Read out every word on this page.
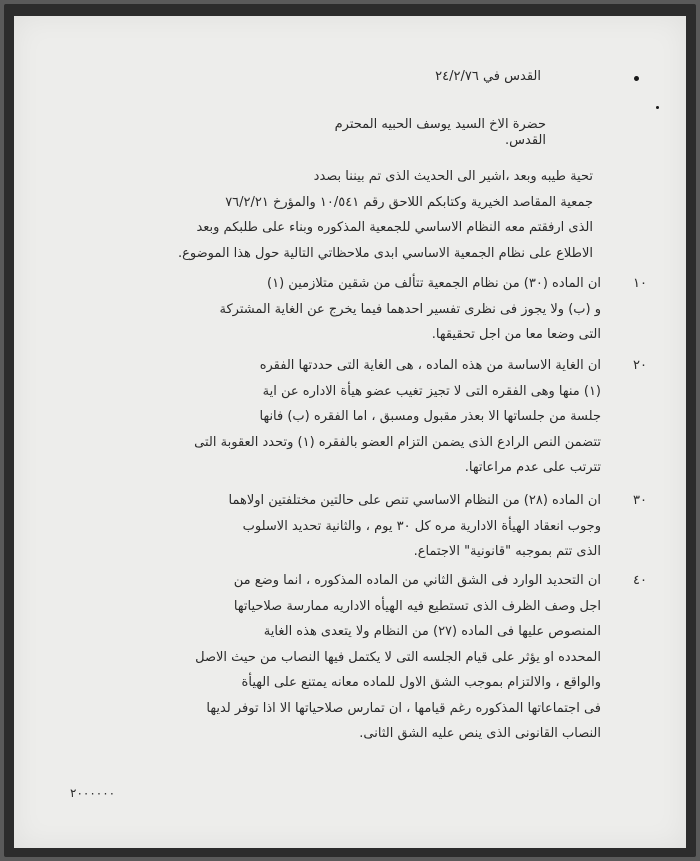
القدس في ٢٤/٢/٧٦
حضرة الاخ السيد يوسف الحبيه المحترم
القدس.

تحية طيبه وبعد ،اشير الى الحديث الذى تم بيننا بصدد

جمعية المقاصد الخيرية وكتابكم اللاحق رقم ١٠/٥٤١ والمؤرخ ٧٦/٢/٢١

الذى ارفقتم معه النظام الاساسي للجمعية المذكوره وبناء على طلبكم وبعد

الاطلاع على نظام الجمعية الاساسي ابدى ملاحظاتي التالية حول هذا الموضوع.

١٠

ان الماده (٣٠) من نظام الجمعية تتألف من شقين متلازمين (١)

و (ب) ولا يجوز فى نظرى تفسير احدهما فيما يخرج عن الغاية المشتركة

التى وضعا معا من اجل تحقيقها.

٢٠

ان الغاية الاساسة من هذه الماده ، هى الغاية التى حددتها الفقره

(١) منها وهى الفقره التى لا تجيز تغيب عضو هيأة الاداره عن اية

جلسة من جلساتها الا بعذر مقبول ومسبق ، اما الفقره (ب) فانها

تتضمن النص الرادع الذى يضمن التزام العضو بالفقره (١) وتحدد العقوبة التى

تترتب على عدم مراعاتها.

٣٠

ان الماده (٢٨) من النظام الاساسي تنص على حالتين مختلفتين اولاهما

وجوب انعقاد الهيأة الادارية مره كل ٣٠ يوم ، والثانية تحديد الاسلوب

الذى تتم بموجبه "قانونية" الاجتماع.

٤٠

ان التحديد الوارد فى الشق الثاني من الماده المذكوره ، انما وضع من

اجل وصف الظرف الذى تستطيع فيه الهيأه الاداريه ممارسة صلاحياتها

المنصوص عليها فى الماده (٢٧) من النظام ولا يتعدى هذه الغاية

المحدده او يؤثر على قيام الجلسه التى لا يكتمل فيها النصاب من حيث الاصل

والواقع ، والالتزام بموجب الشق الاول للماده معانه يمتنع على الهيأة

فى اجتماعاتها المذكوره رغم قيامها ، ان تمارس صلاحياتها الا اذا توفر لديها

النصاب القانونى الذى ينص عليه الشق الثانى.

٢٠٠٠٠٠٠
